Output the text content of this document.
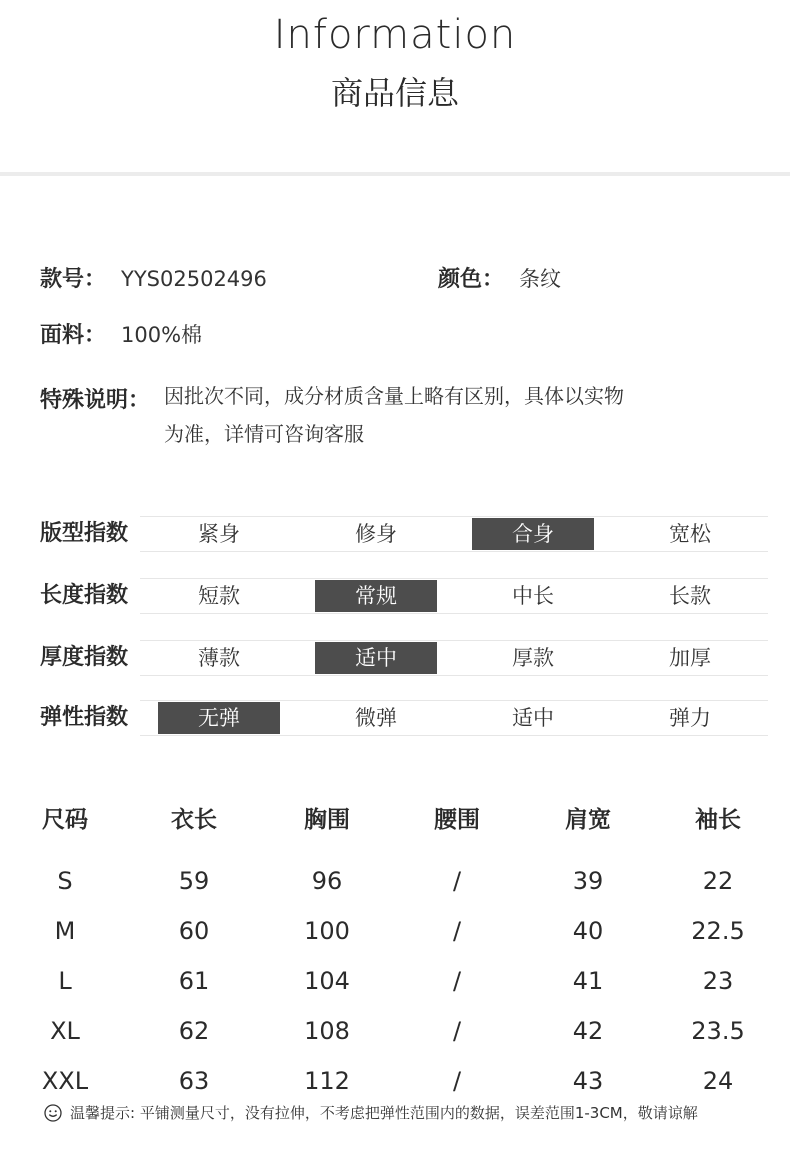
Information
商品信息
款号： YYS02502496	颜色： 条纹
面料： 100%棉
特殊说明： 因批次不同，成分材质含量上略有区别，具体以实物
为准，详情可咨询客服
版型指数	紧身	修身	合身	宽松
长度指数	短款	常规	中长	长款
厚度指数	薄款	适中	厚款	加厚
弹性指数	无弹	微弹	适中	弹力
尺码	衣长	胸围	腰围	肩宽	袖长
S	59	96	/	39	22
M	60	100	/	40	22.5
L	61	104	/	41	23
XL	62	108	/	42	23.5
XXL	63	112	/	43	24
温馨提示: 平铺测量尺寸，没有拉伸，不考虑把弹性范围内的数据，误差范围1-3CM，敬请谅解
